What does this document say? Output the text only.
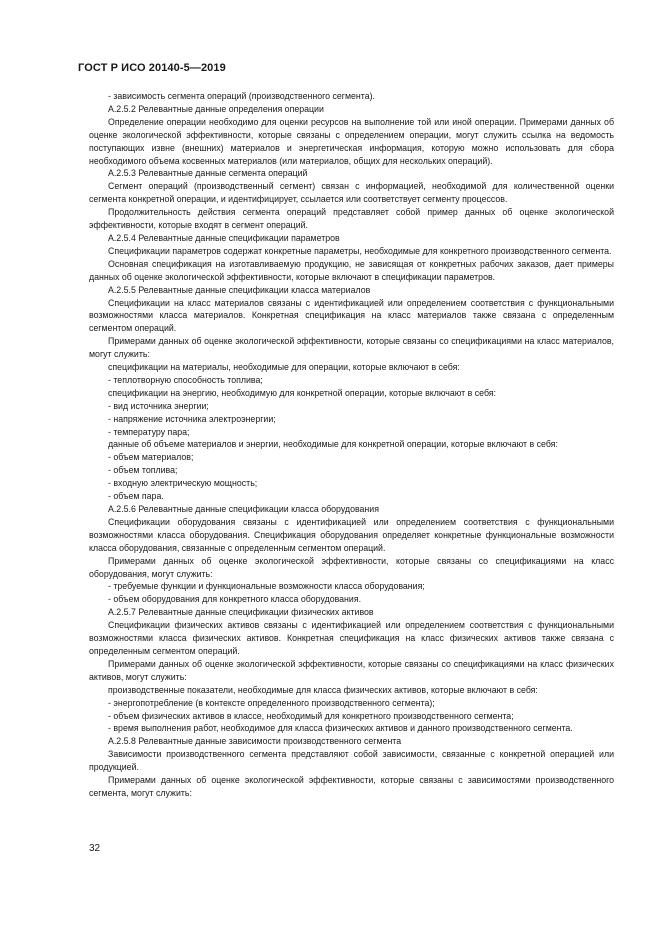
ГОСТ Р ИСО 20140-5—2019

- зависимость сегмента операций (производственного сегмента).

А.2.5.2 Релевантные данные определения операции

Определение операции необходимо для оценки ресурсов на выполнение той или иной операции. Примерами данных об оценке экологической эффективности, которые связаны с определением операции, могут служить ссылка на ведомость поступающих извне (внешних) материалов и энергетическая информация, которую можно использовать для сбора необходимого объема косвенных материалов (или материалов, общих для нескольких операций).

А.2.5.3 Релевантные данные сегмента операций

Сегмент операций (производственный сегмент) связан с информацией, необходимой для количественной оценки сегмента конкретной операции, и идентифицирует, ссылается или соответствует сегменту процессов.

Продолжительность действия сегмента операций представляет собой пример данных об оценке экологической эффективности, которые входят в сегмент операций.

А.2.5.4 Релевантные данные спецификации параметров

Спецификации параметров содержат конкретные параметры, необходимые для конкретного производственного сегмента.

Основная спецификация на изготавливаемую продукцию, не зависящая от конкретных рабочих заказов, дает примеры данных об оценке экологической эффективности, которые включают в спецификации параметров.

А.2.5.5 Релевантные данные спецификации класса материалов

Спецификации на класс материалов связаны с идентификацией или определением соответствия с функциональными возможностями класса материалов. Конкретная спецификация на класс материалов также связана с определенным сегментом операций.

Примерами данных об оценке экологической эффективности, которые связаны со спецификациями на класс материалов, могут служить:

спецификации на материалы, необходимые для операции, которые включают в себя:

- теплотворную способность топлива;

спецификации на энергию, необходимую для конкретной операции, которые включают в себя:

- вид источника энергии;

- напряжение источника электроэнергии;

- температуру пара;

данные об объеме материалов и энергии, необходимые для конкретной операции, которые включают в себя:

- объем материалов;

- объем топлива;

- входную электрическую мощность;

- объем пара.

А.2.5.6 Релевантные данные спецификации класса оборудования

Спецификации оборудования связаны с идентификацией или определением соответствия с функциональными возможностями класса оборудования. Спецификация оборудования определяет конкретные функциональные возможности класса оборудования, связанные с определенным сегментом операций.

Примерами данных об оценке экологической эффективности, которые связаны со спецификациями на класс оборудования, могут служить:

- требуемые функции и функциональные возможности класса оборудования;

- объем оборудования для конкретного класса оборудования.

А.2.5.7 Релевантные данные спецификации физических активов

Спецификации физических активов связаны с идентификацией или определением соответствия с функциональными возможностями класса физических активов. Конкретная спецификация на класс физических активов также связана с определенным сегментом операций.

Примерами данных об оценке экологической эффективности, которые связаны со спецификациями на класс физических активов, могут служить:

производственные показатели, необходимые для класса физических активов, которые включают в себя:

- энергопотребление (в контексте определенного производственного сегмента);

- объем физических активов в классе, необходимый для конкретного производственного сегмента;

- время выполнения работ, необходимое для класса физических активов и данного производственного сегмента.

А.2.5.8 Релевантные данные зависимости производственного сегмента

Зависимости производственного сегмента представляют собой зависимости, связанные с конкретной операцией или продукцией.

Примерами данных об оценке экологической эффективности, которые связаны с зависимостями производственного сегмента, могут служить:

32
